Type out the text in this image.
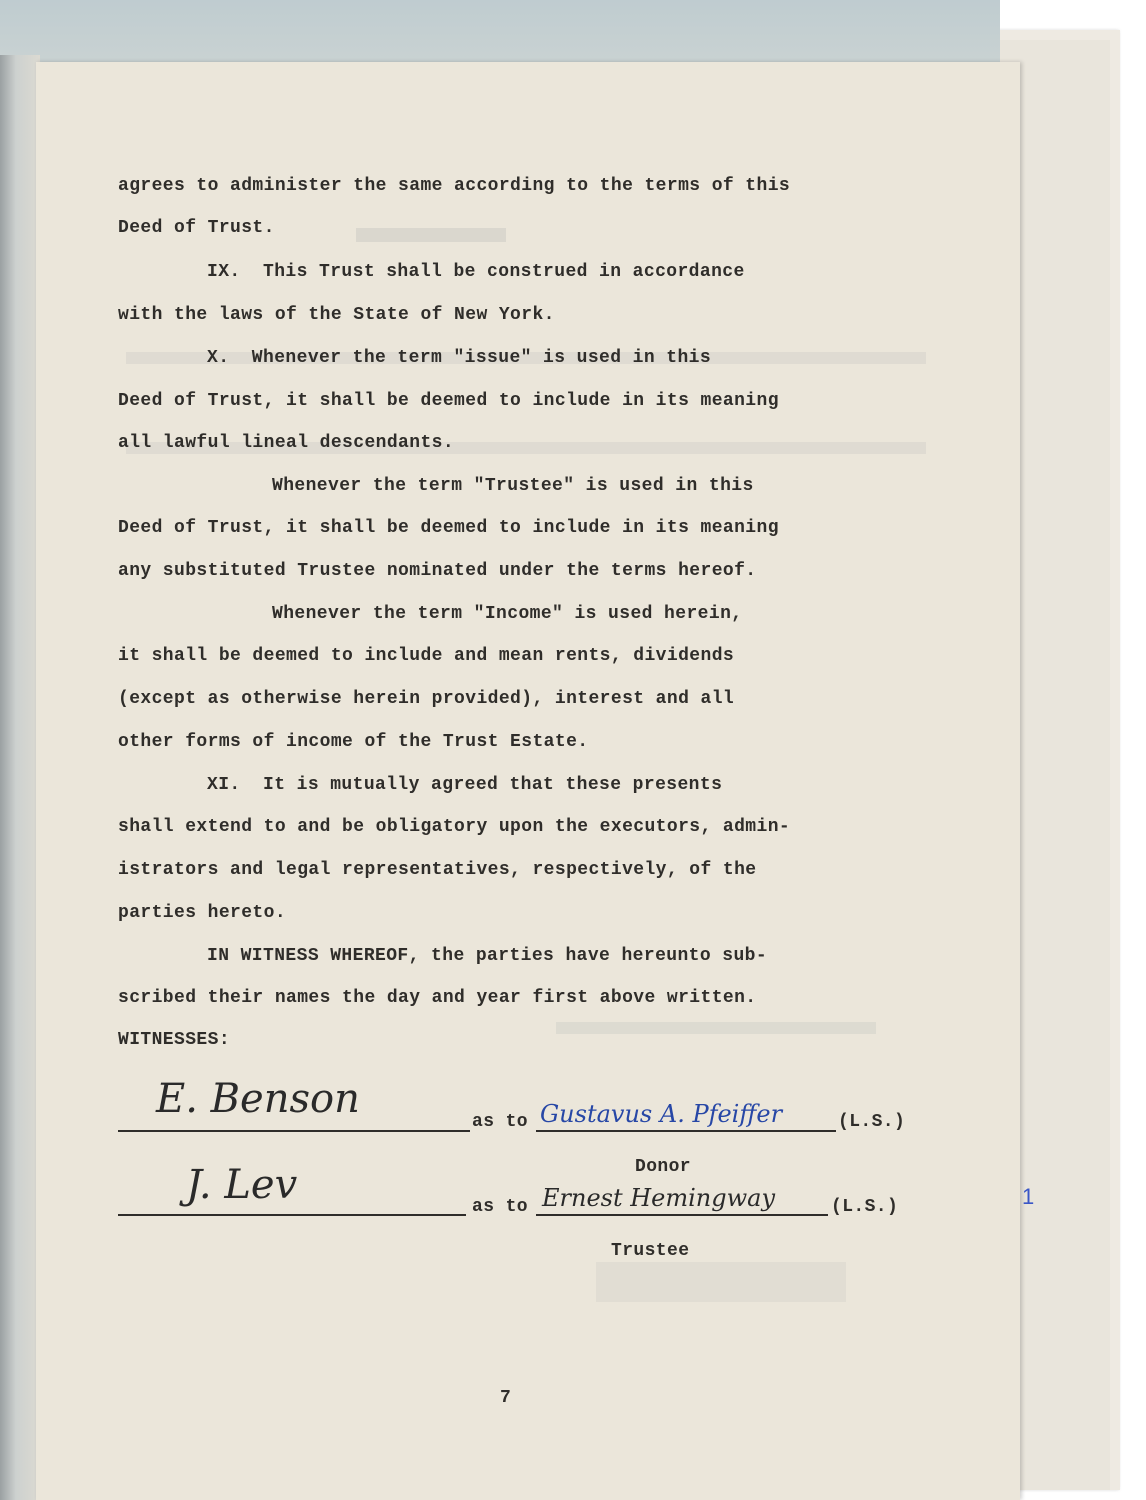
agrees to administer the same according to the terms of this
Deed of Trust.
IX.  This Trust shall be construed in accordance
with the laws of the State of New York.
X.  Whenever the term "issue" is used in this
Deed of Trust, it shall be deemed to include in its meaning
all lawful lineal descendants.
Whenever the term "Trustee" is used in this
Deed of Trust, it shall be deemed to include in its meaning
any substituted Trustee nominated under the terms hereof.
Whenever the term "Income" is used herein,
it shall be deemed to include and mean rents, dividends
(except as otherwise herein provided), interest and all
other forms of income of the Trust Estate.
XI.  It is mutually agreed that these presents
shall extend to and be obligatory upon the executors, admin-
istrators and legal representatives, respectively, of the
parties hereto.
IN WITNESS WHEREOF, the parties have hereunto sub-
scribed their names the day and year first above written.
WITNESSES:
E. Benson	as to Gustavus A. Pfeiffer	(L.S.)
Donor
J. Lev	as to Ernest Hemingway	(L.S.)
Trustee
7
1
